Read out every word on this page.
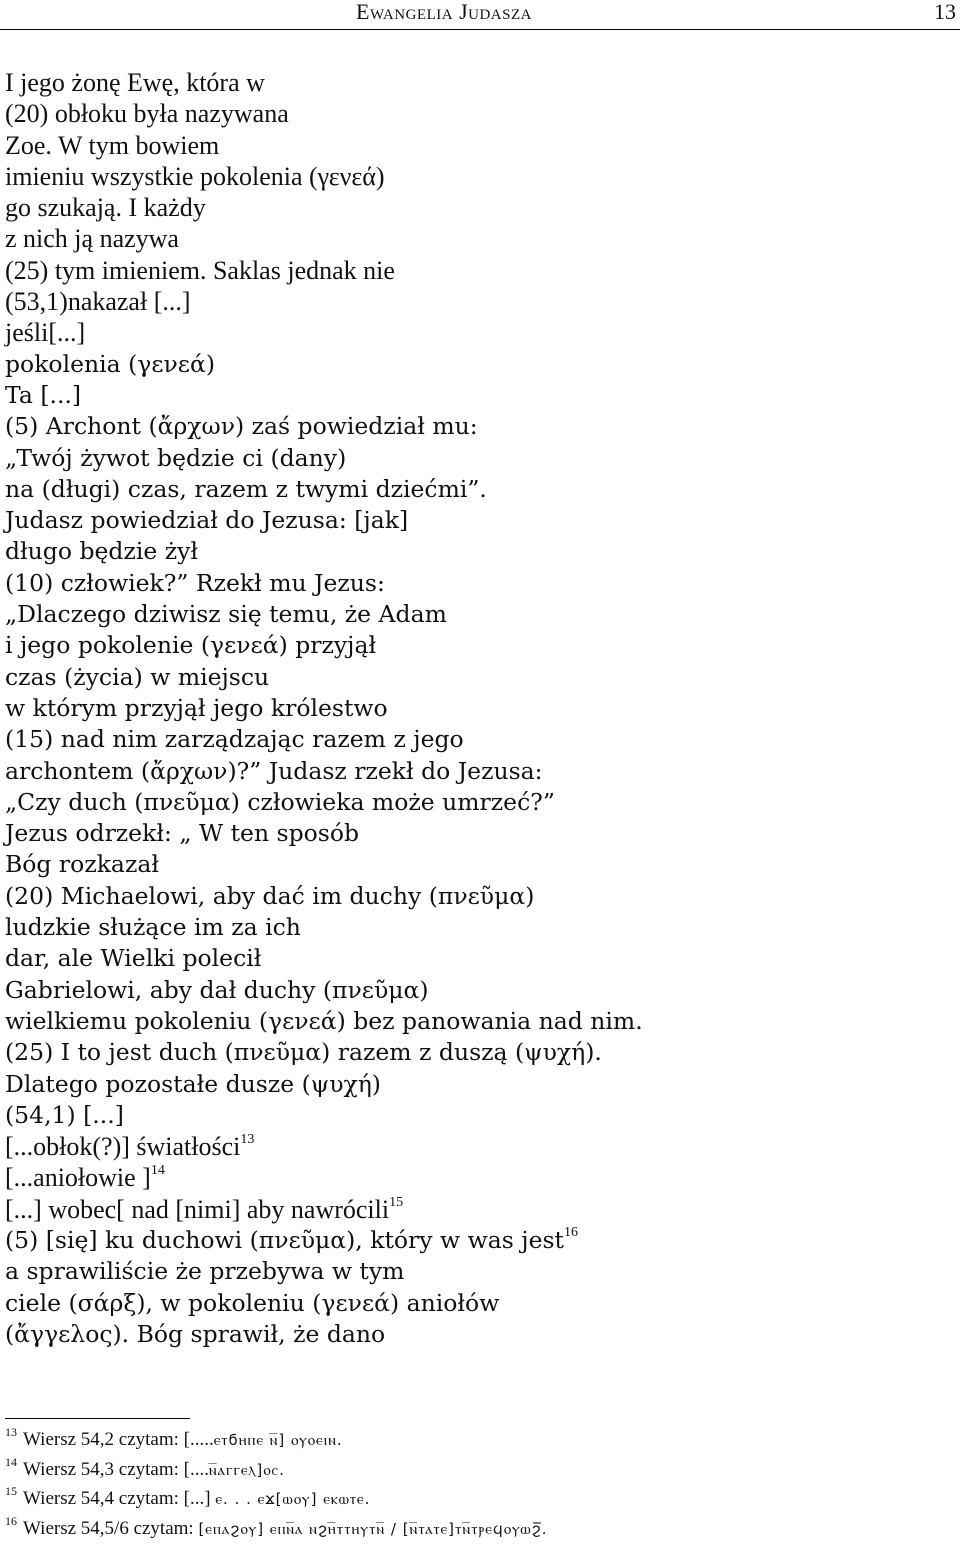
Ewangelia Judasza	13
I jego żonę Ewę, która w
(20) obłoku była nazywana
Zoe. W tym bowiem
imieniu wszystkie pokolenia (γενεά)
go szukają. I każdy
z nich ją nazywa
(25) tym imieniem. Saklas jednak nie
(53,1)nakazał [...]
jeśli[...]
pokolenia (γενεά)
Ta [...]
(5) Archont (ἄρχων) zaś powiedział mu:
„Twój żywot będzie ci (dany)
na (długi) czas, razem z twymi dziećmi”.
Judasz powiedział do Jezusa: [jak]
długo będzie żył
(10) człowiek?” Rzekł mu Jezus:
„Dlaczego dziwisz się temu, że Adam
i jego pokolenie (γενεά) przyjął
czas (życia) w miejscu
w którym przyjął jego królestwo
(15) nad nim zarządzając razem z jego
archontem (ἄρχων)?” Judasz rzekł do Jezusa:
„Czy duch (πνεῦμα) człowieka może umrzeć?”
Jezus odrzekł: „ W ten sposób
Bóg rozkazał
(20) Michaelowi, aby dać im duchy (πνεῦμα)
ludzkie służące im za ich
dar, ale Wielki polecił
Gabrielowi, aby dał duchy (πνεῦμα)
wielkiemu pokoleniu (γενεά) bez panowania nad nim.
(25) I to jest duch (πνεῦμα) razem z duszą (ψυχή).
Dlatego pozostałe dusze (ψυχή)
(54,1) [...]
[...obłok(?)] światłości$^{13}$
[...aniołowie ]$^{14}$
[...] wobec[ nad [nimi] aby nawrócili$^{15}$
(5) [się] ku duchowi (πνεῦμα), który w was jest$^{16}$
a sprawiliście że przebywa w tym
ciele (σάρξ), w pokoleniu (γενεά) aniołów
(ἄγγελος). Bóg sprawił, że dano
$^{13}$ Wiersz 54,2 czytam: [.....ⲉⲧϭⲏⲡⲉ ⲛ̅] ⲟⲩⲟⲉⲓⲛ.
$^{14}$ Wiersz 54,3 czytam: [....ⲛ̅ⲁⲅⲅⲉⲗ]ⲟⲥ.
$^{15}$ Wiersz 54,4 czytam: [...] ⲉ. . . ⲉϫ[ⲱⲟⲩ] ⲉⲕⲱⲧⲉ.
$^{16}$ Wiersz 54,5/6 czytam: [ⲉⲡⲁϩⲟⲩ] ⲉⲡⲛ̅ⲁ ⲛϩⲏ̅ⲧⲧⲏⲩⲧⲛ̅ / [ⲛ̅ⲧⲁⲧⲉ]ⲧⲛ̅ⲧⲣⲉϥⲟⲩⲱϩ̅.
